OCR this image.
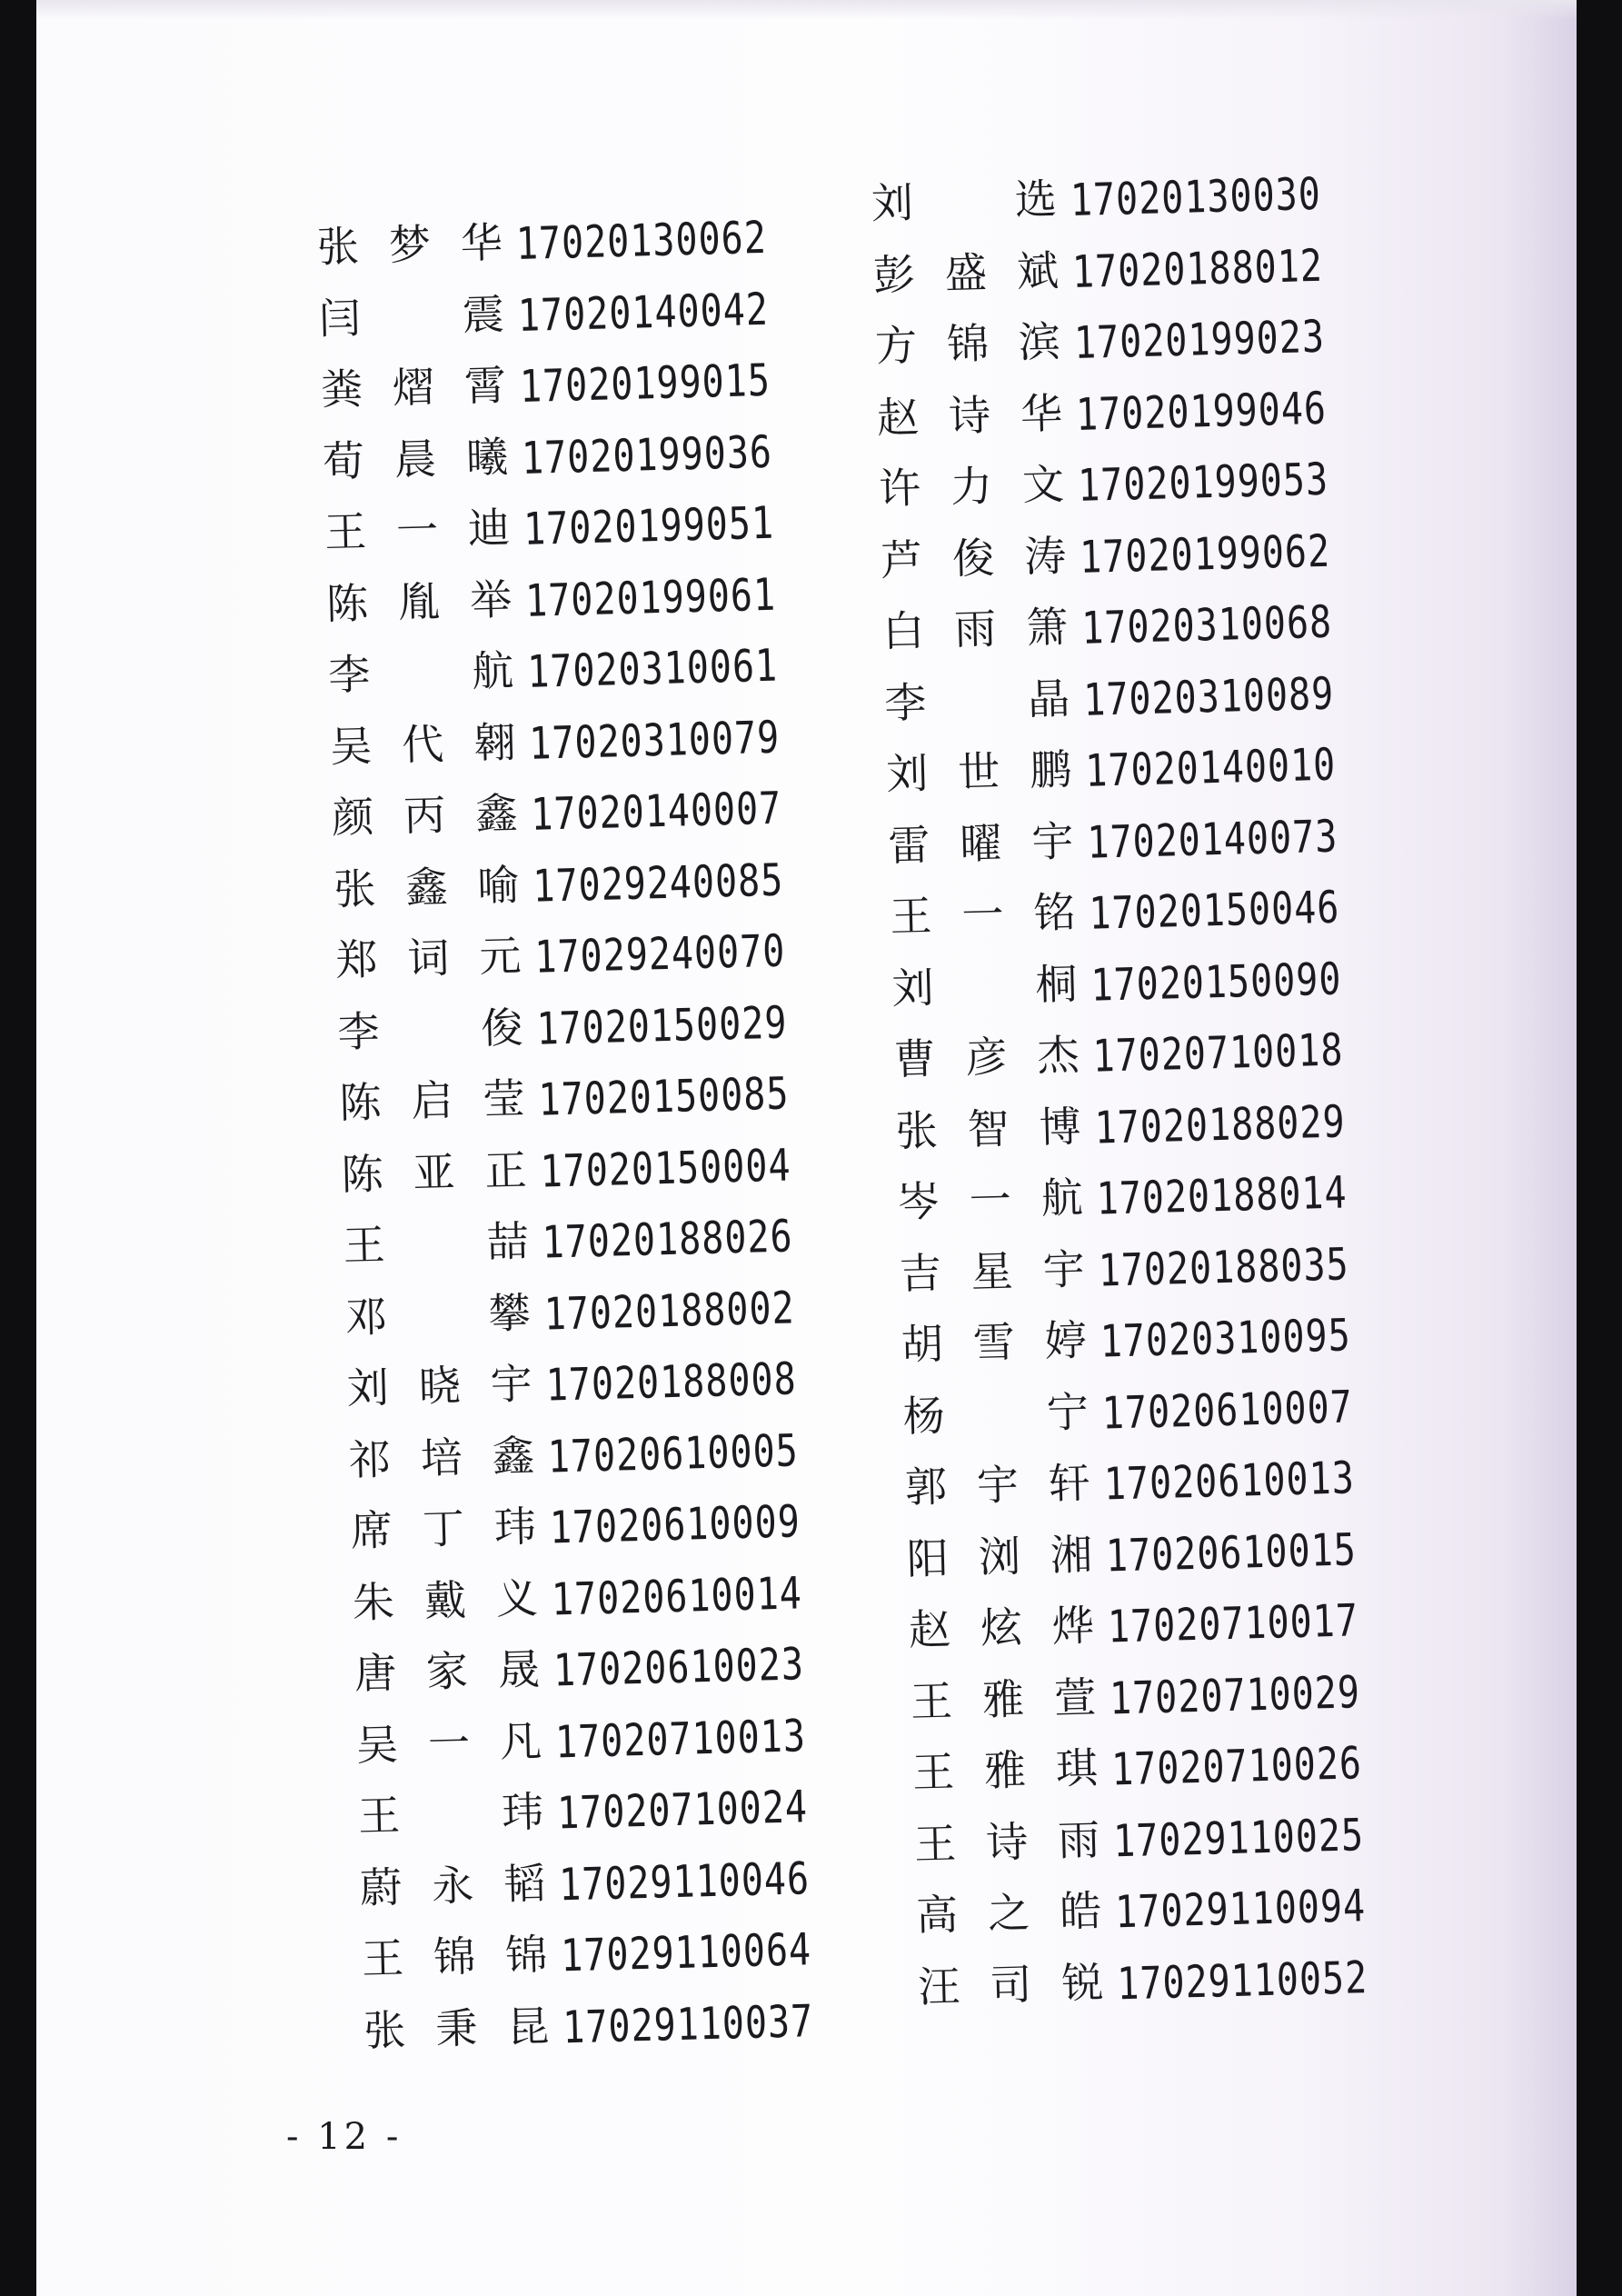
张 梦 华 17020130062
闫 震 17020140042
粪 熠 霄 17020199015
荀 晨 曦 17020199036
王 一 迪 17020199051
陈 胤 举 17020199061
李 航 17020310061
吴 代 翱 17020310079
颜 丙 鑫 17020140007
张 鑫 喻 17029240085
郑 词 元 17029240070
李 俊 17020150029
陈 启 莹 17020150085
陈 亚 正 17020150004
王 喆 17020188026
邓 攀 17020188002
刘 晓 宇 17020188008
祁 培 鑫 17020610005
席 丁 玮 17020610009
朱 戴 义 17020610014
唐 家 晟 17020610023
吴 一 凡 17020710013
王 玮 17020710024
蔚 永 韬 17029110046
王 锦 锦 17029110064
张 秉 昆 17029110037
刘 选 17020130030
彭 盛 斌 17020188012
方 锦 滨 17020199023
赵 诗 华 17020199046
许 力 文 17020199053
芦 俊 涛 17020199062
白 雨 箫 17020310068
李 晶 17020310089
刘 世 鹏 17020140010
雷 曜 宇 17020140073
王 一 铭 17020150046
刘 桐 17020150090
曹 彦 杰 17020710018
张 智 博 17020188029
岑 一 航 17020188014
吉 星 宇 17020188035
胡 雪 婷 17020310095
杨 宁 17020610007
郭 宇 轩 17020610013
阳 浏 湘 17020610015
赵 炫 烨 17020710017
王 雅 萱 17020710029
王 雅 琪 17020710026
王 诗 雨 17029110025
高 之 皓 17029110094
汪 司 锐 17029110052
- 12 -
